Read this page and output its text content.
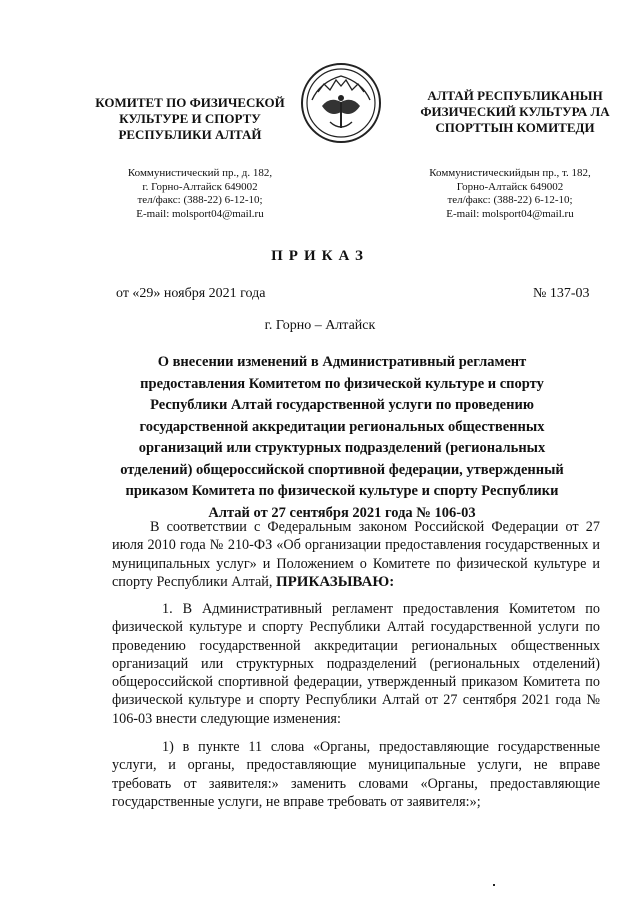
КОМИТЕТ ПО ФИЗИЧЕСКОЙ
КУЛЬТУРЕ И СПОРТУ
РЕСПУБЛИКИ АЛТАЙ
АЛТАЙ РЕСПУБЛИКАНЫН
ФИЗИЧЕСКИЙ КУЛЬТУРА ЛА
СПОРТТЫН КОМИТЕДИ
Коммунистический пр., д. 182,
г. Горно-Алтайск 649002
тел/факс: (388-22) 6-12-10;
E-mail: molsport04@mail.ru
Коммунистическийдын пр., т. 182,
Горно-Алтайск 649002
тел/факс: (388-22) 6-12-10;
E-mail: molsport04@mail.ru
ПРИКАЗ
от «29» ноября 2021 года	№ 137-03
г. Горно – Алтайск
О внесении изменений в Административный регламент
предоставления Комитетом по физической культуре и спорту
Республики Алтай государственной услуги по проведению
государственной аккредитации региональных общественных
организаций или структурных подразделений (региональных
отделений) общероссийской спортивной федерации, утвержденный
приказом Комитета по физической культуре и спорту Республики
Алтай от 27 сентября 2021 года № 106-03
В соответствии с Федеральным законом Российской Федерации от 27 июля 2010 года № 210-ФЗ «Об организации предоставления государственных и муниципальных услуг» и Положением о Комитете по физической культуре и спорту Республики Алтай, ПРИКАЗЫВАЮ:
1. В Административный регламент предоставления Комитетом по физической культуре и спорту Республики Алтай государственной услуги по проведению государственной аккредитации региональных общественных организаций или структурных подразделений (региональных отделений) общероссийской спортивной федерации, утвержденный приказом Комитета по физической культуре и спорту Республики Алтай от 27 сентября 2021 года № 106-03 внести следующие изменения:
1) в пункте 11 слова «Органы, предоставляющие государственные услуги, и органы, предоставляющие муниципальные услуги, не вправе требовать от заявителя:» заменить словами «Органы, предоставляющие государственные услуги, не вправе требовать от заявителя:»;
